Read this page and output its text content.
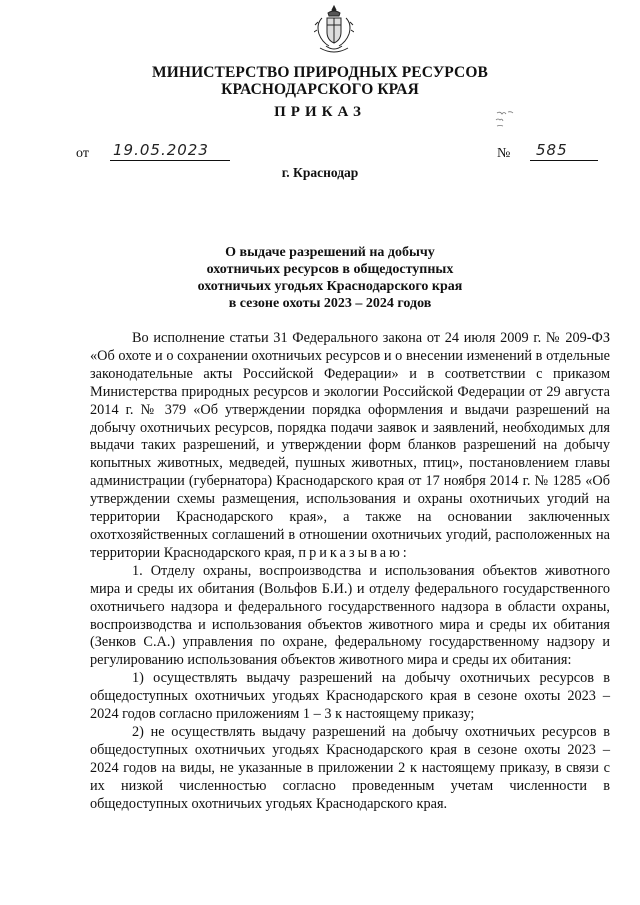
МИНИСТЕРСТВО ПРИРОДНЫХ РЕСУРСОВ
КРАСНОДАРСКОГО КРАЯ
ПРИКАЗ
от 19.05.2023	№ 585
г. Краснодар
О выдаче разрешений на добычу
охотничьих ресурсов в общедоступных
охотничьих угодьях Краснодарского края
в сезоне охоты 2023 – 2024 годов

Во исполнение статьи 31 Федерального закона от 24 июля 2009 г. № 209-ФЗ «Об охоте и о сохранении охотничьих ресурсов и о внесении изменений в отдельные законодательные акты Российской Федерации» и в соответствии с приказом Министерства природных ресурсов и экологии Российской Федерации от 29 августа 2014 г. № 379 «Об утверждении порядка оформления и выдачи разрешений на добычу охотничьих ресурсов, порядка подачи заявок и заявлений, необходимых для выдачи таких разрешений, и утверждении форм бланков разрешений на добычу копытных животных, медведей, пушных животных, птиц», постановлением главы администрации (губернатора) Краснодарского края от 17 ноября 2014 г. № 1285 «Об утверждении схемы размещения, использования и охраны охотничьих угодий на территории Краснодарского края», а также на основании заключенных охотхозяйственных соглашений в отношении охотничьих угодий, расположенных на территории Краснодарского края, приказываю:

1. Отделу охраны, воспроизводства и использования объектов животного мира и среды их обитания (Вольфов Б.И.) и отделу федерального государственного охотничьего надзора и федерального государственного надзора в области охраны, воспроизводства и использования объектов животного мира и среды их обитания (Зенков С.А.) управления по охране, федеральному государственному надзору и регулированию использования объектов животного мира и среды их обитания:

1) осуществлять выдачу разрешений на добычу охотничьих ресурсов в общедоступных охотничьих угодьях Краснодарского края в сезоне охоты 2023 – 2024 годов согласно приложениям 1 – 3 к настоящему приказу;

2) не осуществлять выдачу разрешений на добычу охотничьих ресурсов в общедоступных охотничьих угодьях Краснодарского края в сезоне охоты 2023 – 2024 годов на виды, не указанные в приложении 2 к настоящему приказу, в связи с их низкой численностью согласно проведенным учетам численности в общедоступных охотничьих угодьях Краснодарского края.
